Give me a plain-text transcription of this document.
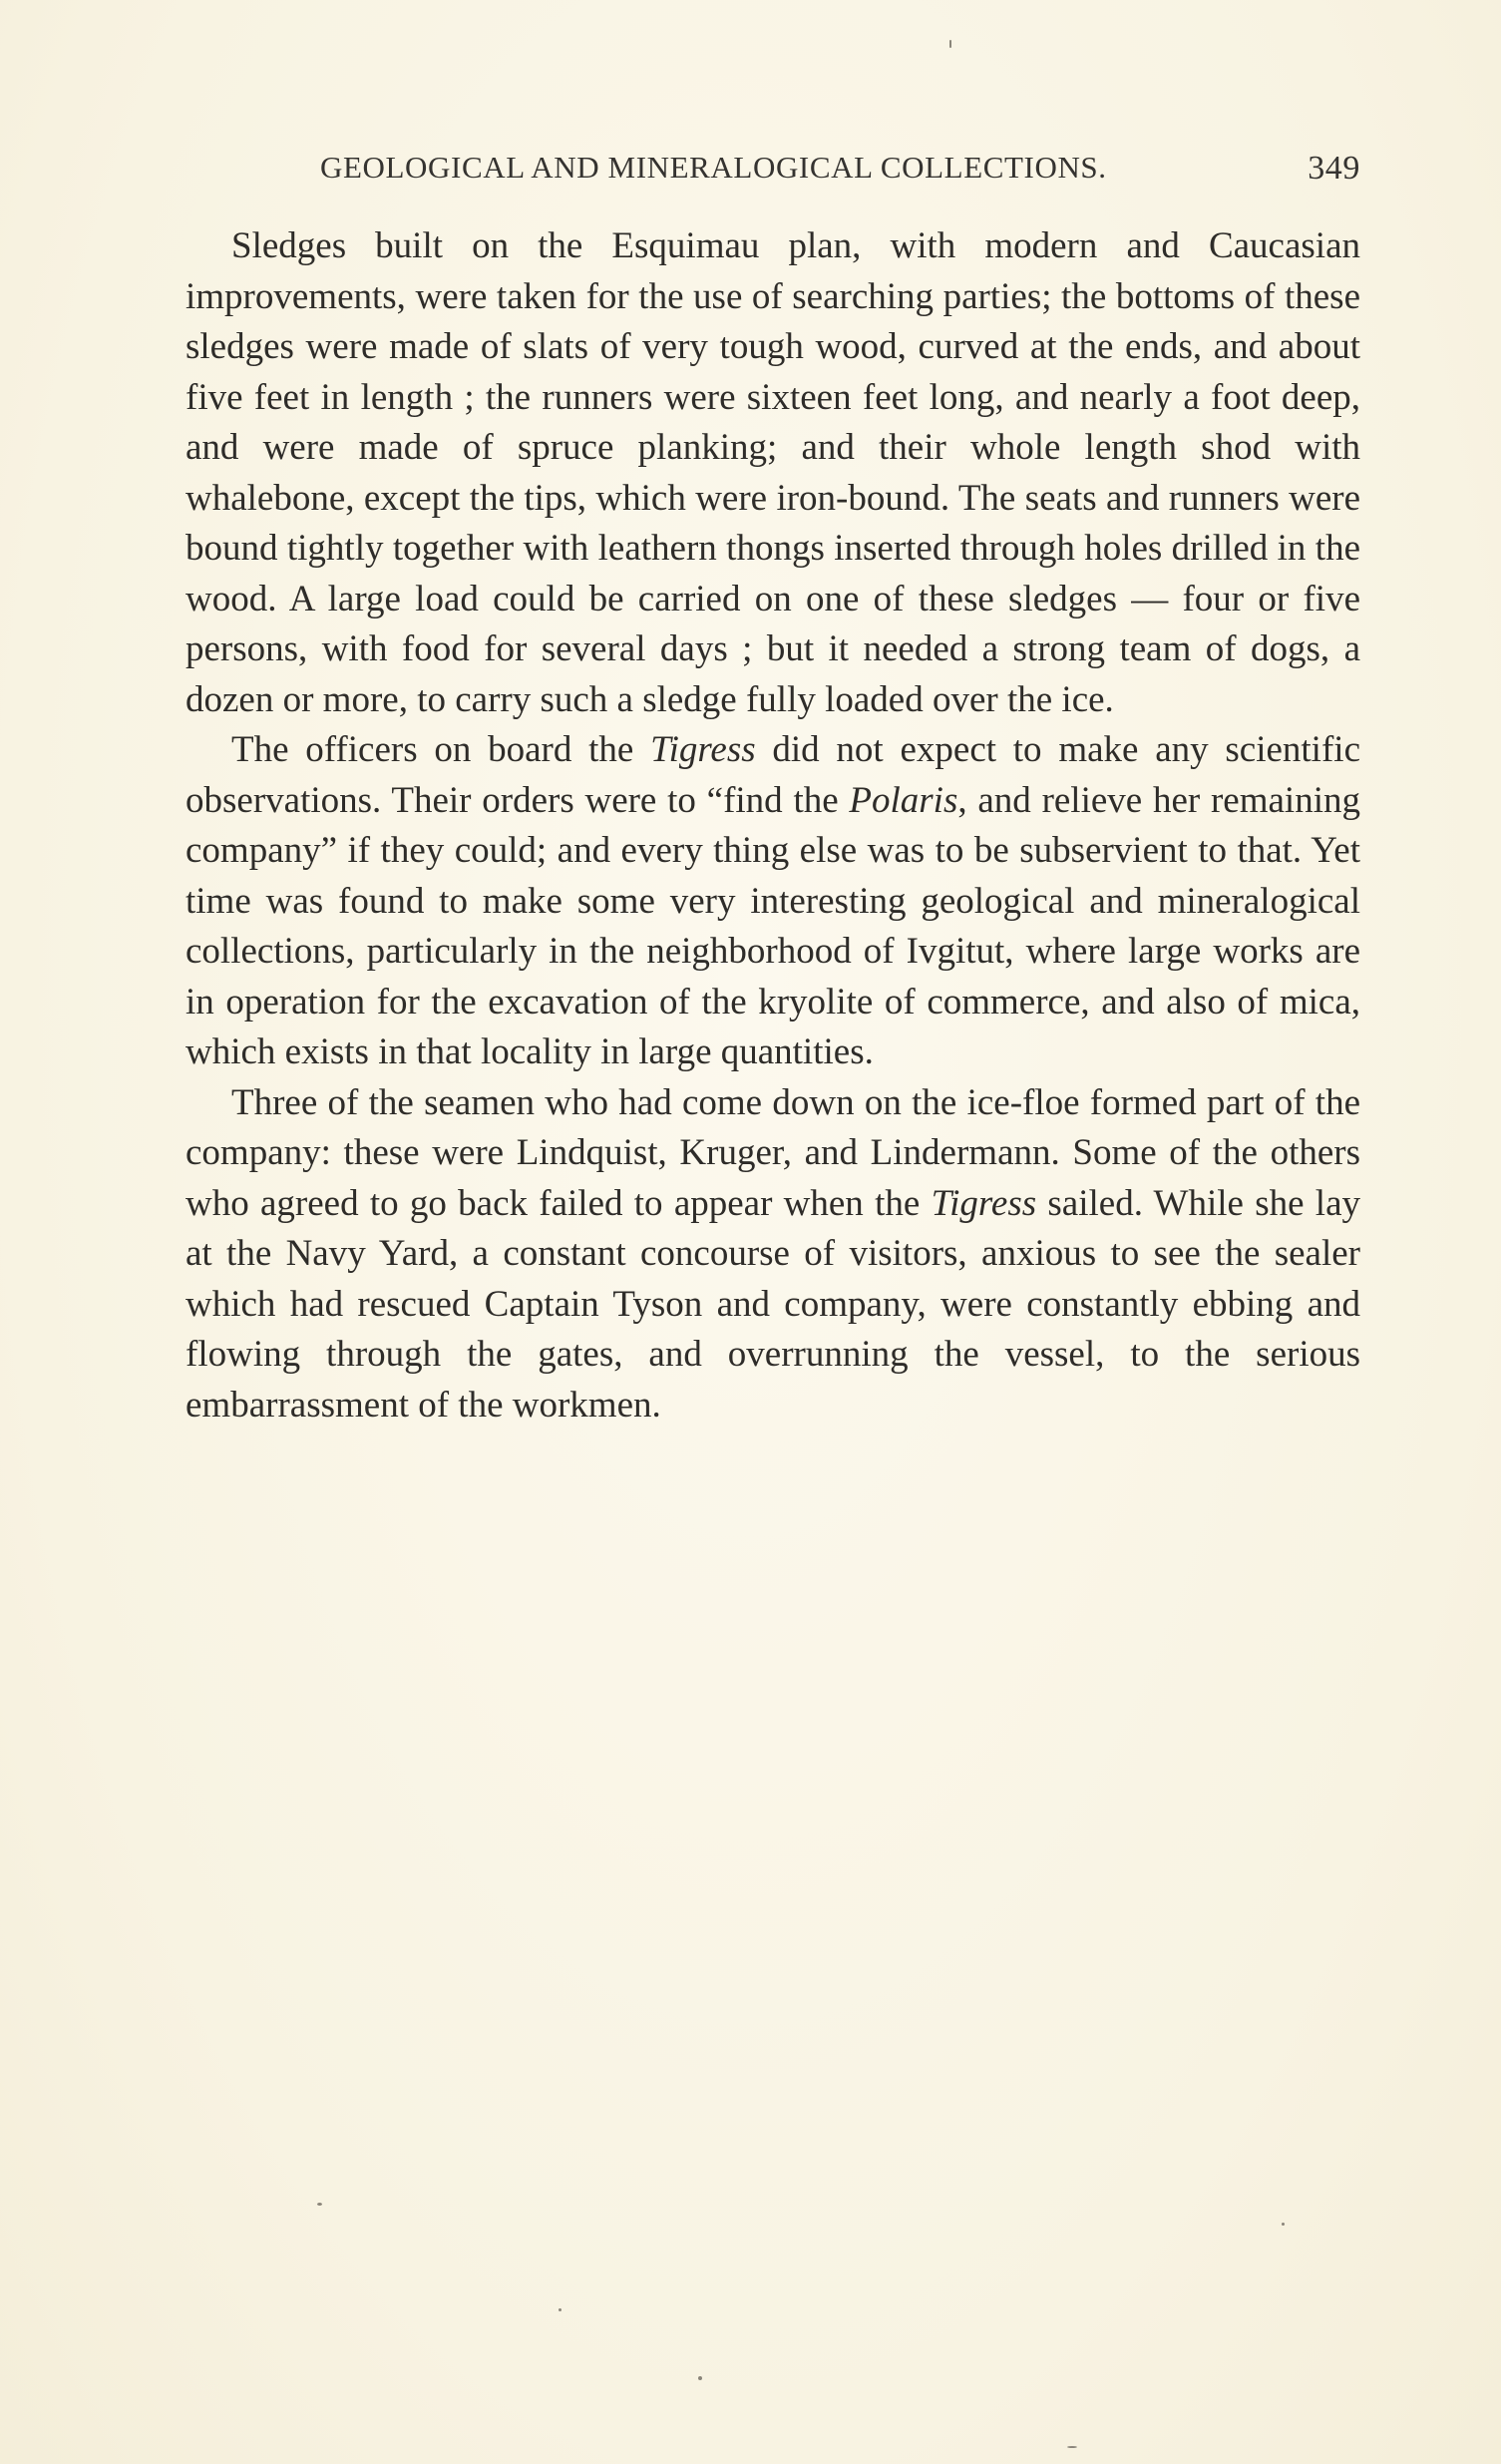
GEOLOGICAL AND MINERALOGICAL COLLECTIONS.	349

Sledges built on the Esquimau plan, with modern and Caucasian improvements, were taken for the use of searching parties; the bottoms of these sledges were made of slats of very tough wood, curved at the ends, and about five feet in length ; the runners were sixteen feet long, and nearly a foot deep, and were made of spruce planking; and their whole length shod with whalebone, except the tips, which were iron-bound. The seats and runners were bound tightly together with leathern thongs inserted through holes drilled in the wood. A large load could be carried on one of these sledges — four or five persons, with food for several days ; but it needed a strong team of dogs, a dozen or more, to carry such a sledge fully loaded over the ice.

The officers on board the Tigress did not expect to make any scientific observations. Their orders were to “find the Polaris, and relieve her remaining company” if they could; and every thing else was to be subservient to that. Yet time was found to make some very interesting geological and mineralogical collections, particularly in the neighborhood of Ivgitut, where large works are in operation for the excavation of the kryolite of commerce, and also of mica, which exists in that locality in large quantities.

Three of the seamen who had come down on the ice-floe formed part of the company: these were Lindquist, Kruger, and Lindermann. Some of the others who agreed to go back failed to appear when the Tigress sailed. While she lay at the Navy Yard, a constant concourse of visitors, anxious to see the sealer which had rescued Captain Tyson and company, were constantly ebbing and flowing through the gates, and overrunning the vessel, to the serious embarrassment of the workmen.
